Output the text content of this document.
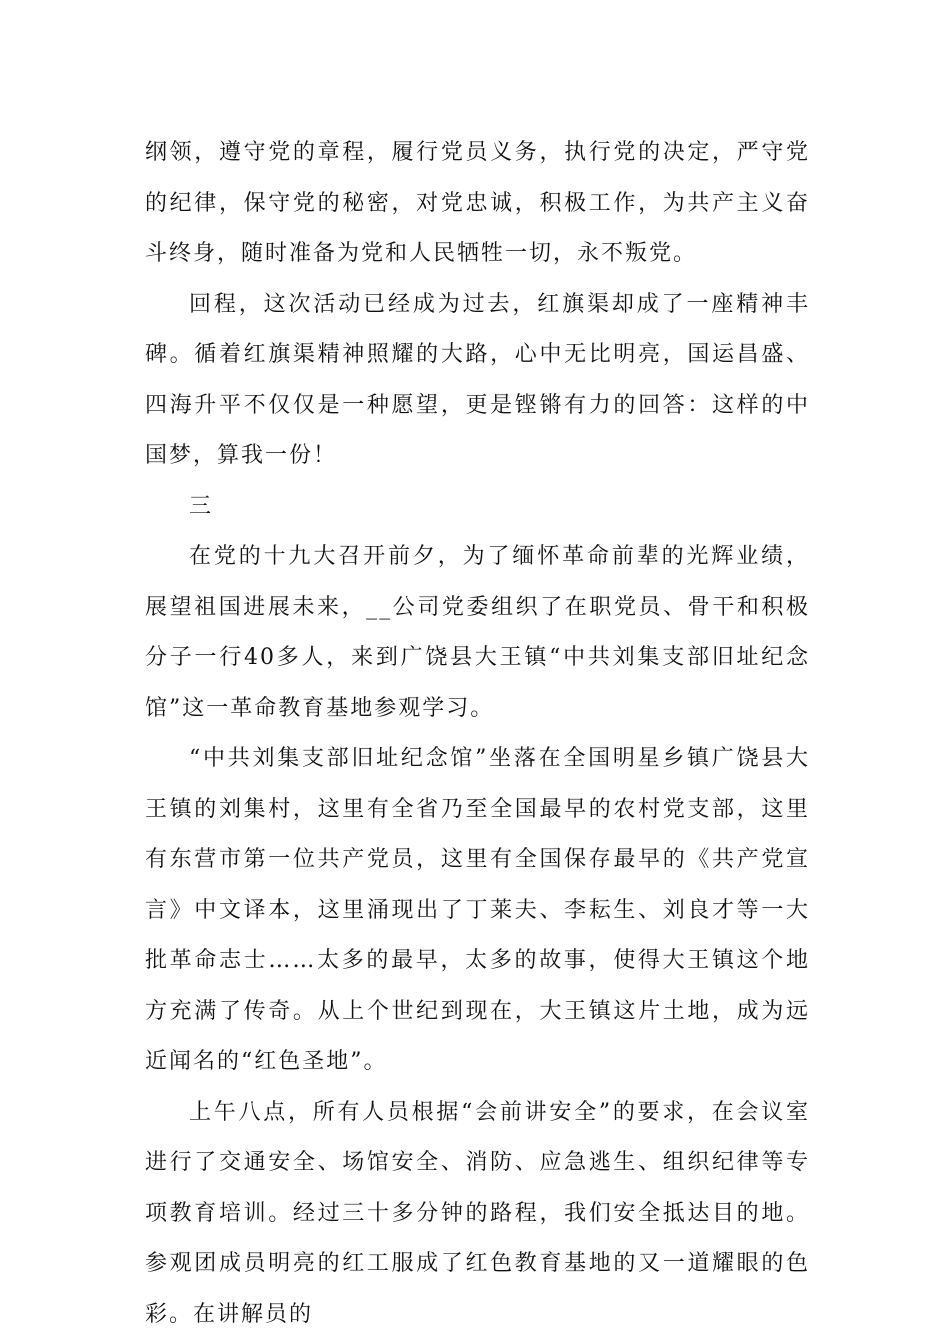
纲领，遵守党的章程，履行党员义务，执行党的决定，严守党的纪律，保守党的秘密，对党忠诚，积极工作，为共产主义奋斗终身，随时准备为党和人民牺牲一切，永不叛党。

回程，这次活动已经成为过去，红旗渠却成了一座精神丰碑。循着红旗渠精神照耀的大路，心中无比明亮，国运昌盛、四海升平不仅仅是一种愿望，更是铿锵有力的回答：这样的中国梦，算我一份！

三

在党的十九大召开前夕，为了缅怀革命前辈的光辉业绩，展望祖国进展未来，__公司党委组织了在职党员、骨干和积极分子一行40多人，来到广饶县大王镇“中共刘集支部旧址纪念馆”这一革命教育基地参观学习。

“中共刘集支部旧址纪念馆”坐落在全国明星乡镇广饶县大王镇的刘集村，这里有全省乃至全国最早的农村党支部，这里有东营市第一位共产党员，这里有全国保存最早的《共产党宣言》中文译本，这里涌现出了丁莱夫、李耘生、刘良才等一大批革命志士……太多的最早，太多的故事，使得大王镇这个地方充满了传奇。从上个世纪到现在，大王镇这片土地，成为远近闻名的“红色圣地”。

上午八点，所有人员根据“会前讲安全”的要求，在会议室进行了交通安全、场馆安全、消防、应急逃生、组织纪律等专项教育培训。经过三十多分钟的路程，我们安全抵达目的地。参观团成员明亮的红工服成了红色教育基地的又一道耀眼的色彩。在讲解员的
